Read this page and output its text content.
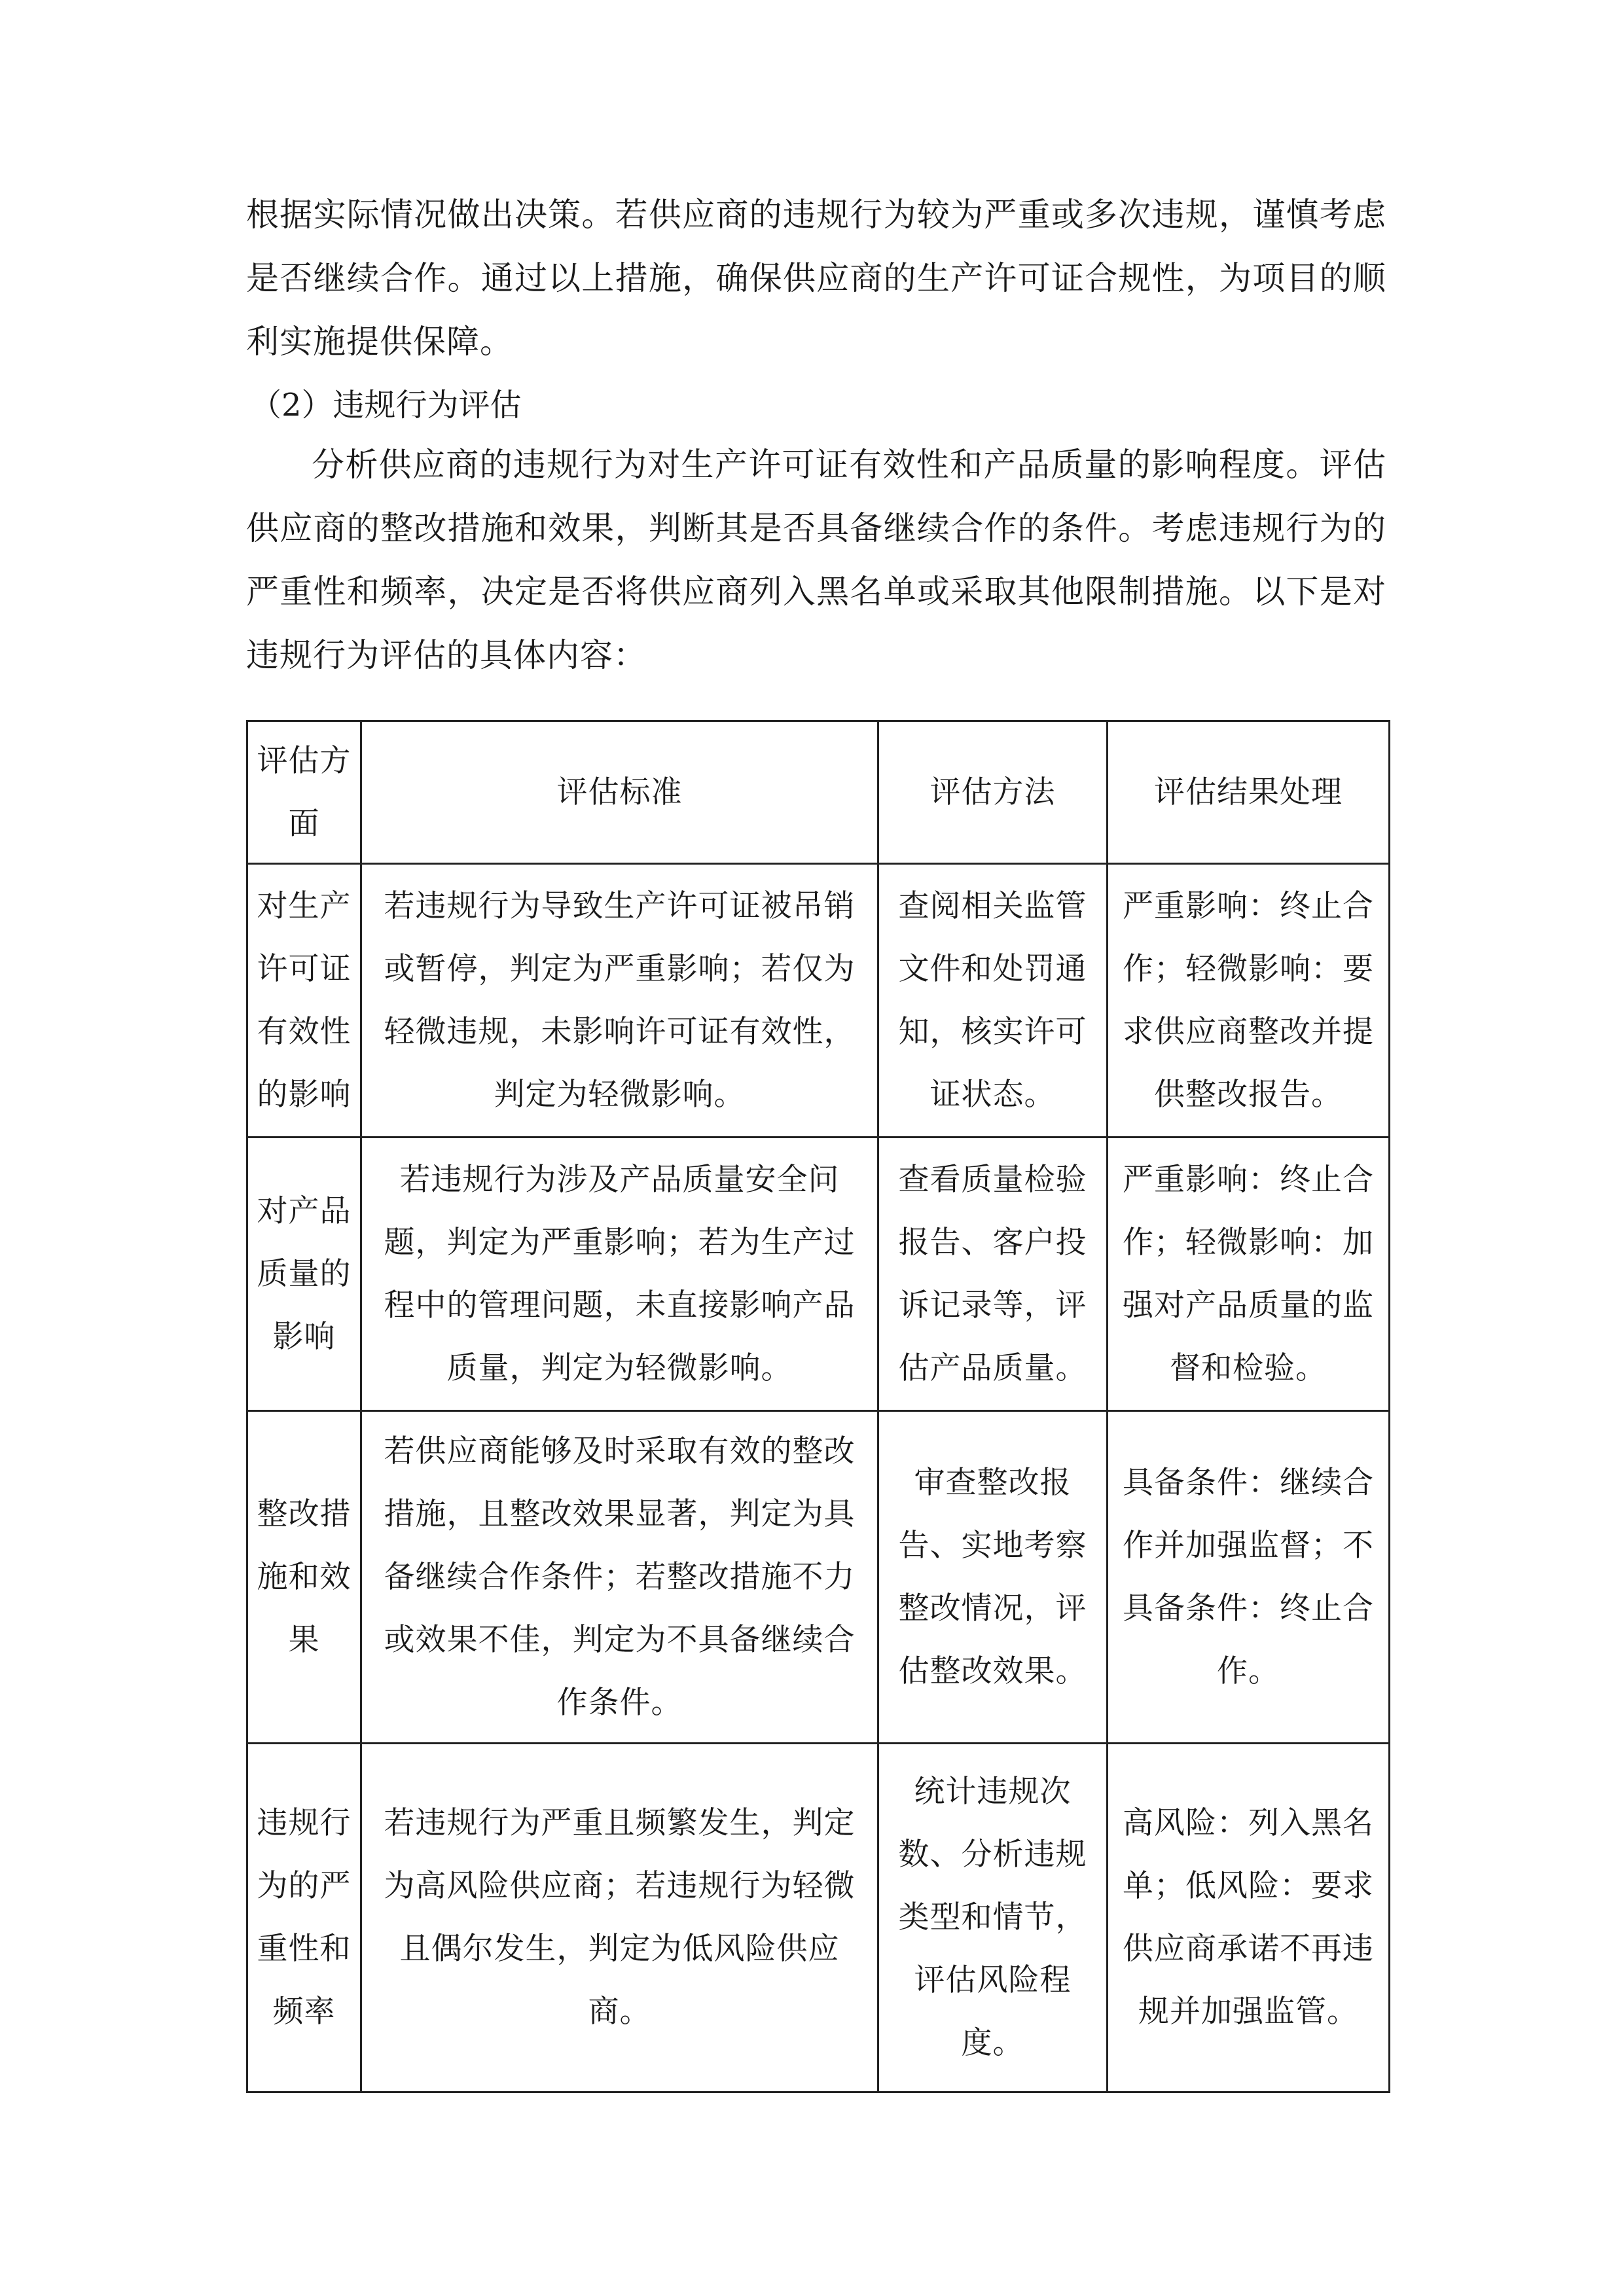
根据实际情况做出决策。若供应商的违规行为较为严重或多次违规，谨慎考虑是否继续合作。通过以上措施，确保供应商的生产许可证合规性，为项目的顺利实施提供保障。

（2）违规行为评估

分析供应商的违规行为对生产许可证有效性和产品质量的影响程度。评估供应商的整改措施和效果，判断其是否具备继续合作的条件。考虑违规行为的严重性和频率，决定是否将供应商列入黑名单或采取其他限制措施。以下是对违规行为评估的具体内容：

评估方面	评估标准	评估方法	评估结果处理
对生产许可证有效性的影响	若违规行为导致生产许可证被吊销或暂停，判定为严重影响；若仅为轻微违规，未影响许可证有效性，判定为轻微影响。	查阅相关监管文件和处罚通知，核实许可证状态。	严重影响：终止合作；轻微影响：要求供应商整改并提供整改报告。
对产品质量的影响	若违规行为涉及产品质量安全问题，判定为严重影响；若为生产过程中的管理问题，未直接影响产品质量，判定为轻微影响。	查看质量检验报告、客户投诉记录等，评估产品质量。	严重影响：终止合作；轻微影响：加强对产品质量的监督和检验。
整改措施和效果	若供应商能够及时采取有效的整改措施，且整改效果显著，判定为具备继续合作条件；若整改措施不力或效果不佳，判定为不具备继续合作条件。	审查整改报告、实地考察整改情况，评估整改效果。	具备条件：继续合作并加强监督；不具备条件：终止合作。
违规行为的严重性和频率	若违规行为严重且频繁发生，判定为高风险供应商；若违规行为轻微且偶尔发生，判定为低风险供应商。	统计违规次数、分析违规类型和情节，评估风险程度。	高风险：列入黑名单；低风险：要求供应商承诺不再违规并加强监管。
